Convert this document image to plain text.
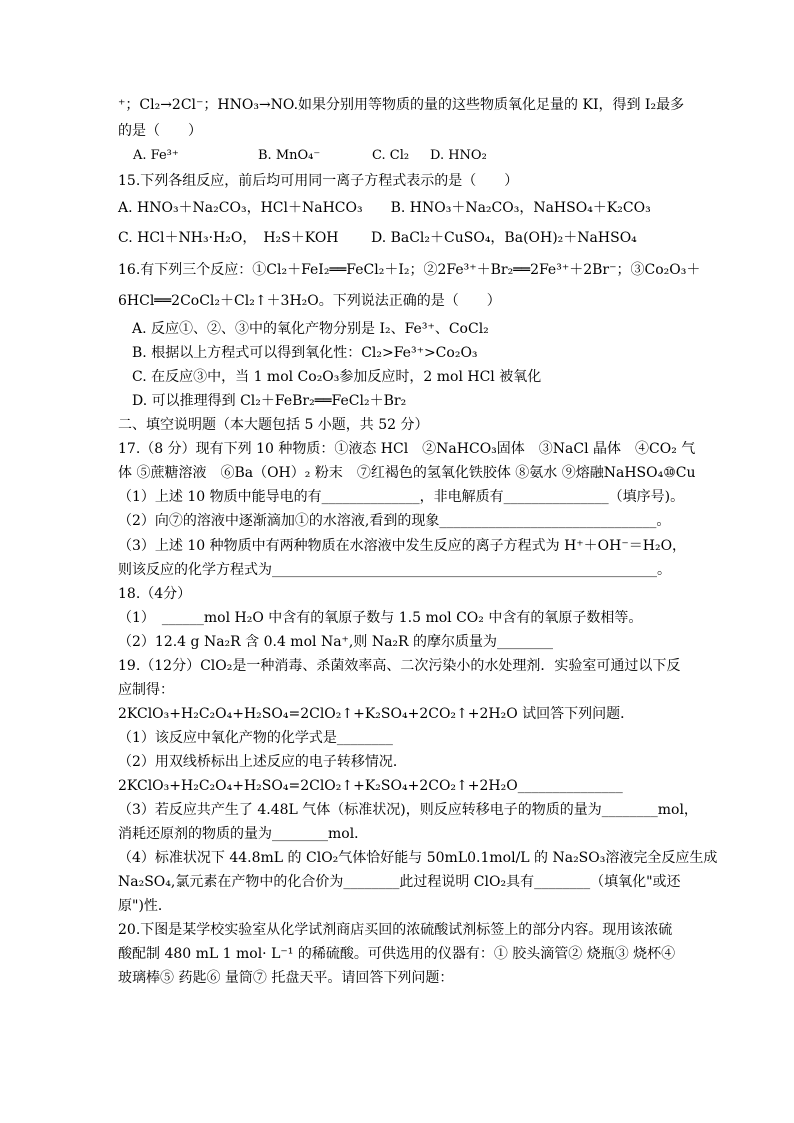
⁺；Cl₂→2Cl⁻；HNO₃→NO.如果分别用等物质的量的这些物质氧化足量的 KI，得到 I₂最多
的是（　　）
A. Fe³⁺	B. MnO₄⁻	C. Cl₂ D. HNO₂
15.下列各组反应，前后均可用同一离子方程式表示的是（　　）
A. HNO₃＋Na₂CO₃，HCl＋NaHCO₃　　B. HNO₃＋Na₂CO₃，NaHSO₄＋K₂CO₃
C. HCl＋NH₃·H₂O，　H₂S＋KOH　　 D. BaCl₂＋CuSO₄，Ba(OH)₂＋NaHSO₄
16.有下列三个反应：①Cl₂＋FeI₂══FeCl₂＋I₂；②2Fe³⁺＋Br₂══2Fe³⁺＋2Br⁻；③Co₂O₃＋
6HCl══2CoCl₂＋Cl₂↑＋3H₂O。下列说法正确的是（　　）
　A. 反应①、②、③中的氧化产物分别是 I₂、Fe³⁺、CoCl₂
　B. 根据以上方程式可以得到氧化性：Cl₂>Fe³⁺>Co₂O₃
　C. 在反应③中，当 1 mol Co₂O₃参加反应时，2 mol HCl 被氧化
　D. 可以推理得到 Cl₂＋FeBr₂══FeCl₂＋Br₂
二、填空说明题（本大题包括 5 小题，共 52 分）
17.（8 分）现有下列 10 种物质：①液态 HCl　②NaHCO₃固体　③NaCl 晶体　④CO₂ 气
体 ⑤蔗糖溶液　⑥Ba（OH）₂ 粉末　⑦红褐色的氢氧化铁胶体 ⑧氨水 ⑨熔融NaHSO₄⑩Cu
（1）上述 10 物质中能导电的有______________，非电解质有_______________（填序号)。
（2）向⑦的溶液中逐渐滴加①的水溶液,看到的现象_______________________________。
（3）上述 10 种物质中有两种物质在水溶液中发生反应的离子方程式为 H⁺＋OH⁻＝H₂O，
则该反应的化学方程式为_______________________________________________________。
18.（4分）
（1）　______mol H₂O 中含有的氧原子数与 1.5 mol CO₂ 中含有的氧原子数相等。
（2）12.4 g Na₂R 含 0.4 mol Na⁺,则 Na₂R 的摩尔质量为________
19.（12分）ClO₂是一种消毒、杀菌效率高、二次污染小的水处理剂．实验室可通过以下反
应制得：
2KClO₃+H₂C₂O₄+H₂SO₄=2ClO₂↑+K₂SO₄+2CO₂↑+2H₂O 试回答下列问题．
（1）该反应中氧化产物的化学式是________
（2）用双线桥标出上述反应的电子转移情况．
2KClO₃+H₂C₂O₄+H₂SO₄=2ClO₂↑+K₂SO₄+2CO₂↑+2H₂O_______________
（3）若反应共产生了 4.48L 气体（标准状况)，则反应转移电子的物质的量为________mol，
消耗还原剂的物质的量为________mol．
（4）标准状况下 44.8mL 的 ClO₂气体恰好能与 50mL0.1mol/L 的 Na₂SO₃溶液完全反应生成
Na₂SO₄,氯元素在产物中的化合价为________此过程说明 ClO₂具有________（填氧化"或还
原")性．
20.下图是某学校实验室从化学试剂商店买回的浓硫酸试剂标签上的部分内容。现用该浓硫
酸配制 480 mL 1 mol· L⁻¹ 的稀硫酸。可供选用的仪器有：① 胶头滴管② 烧瓶③ 烧杯④
玻璃棒⑤ 药匙⑥ 量筒⑦ 托盘天平。请回答下列问题：
